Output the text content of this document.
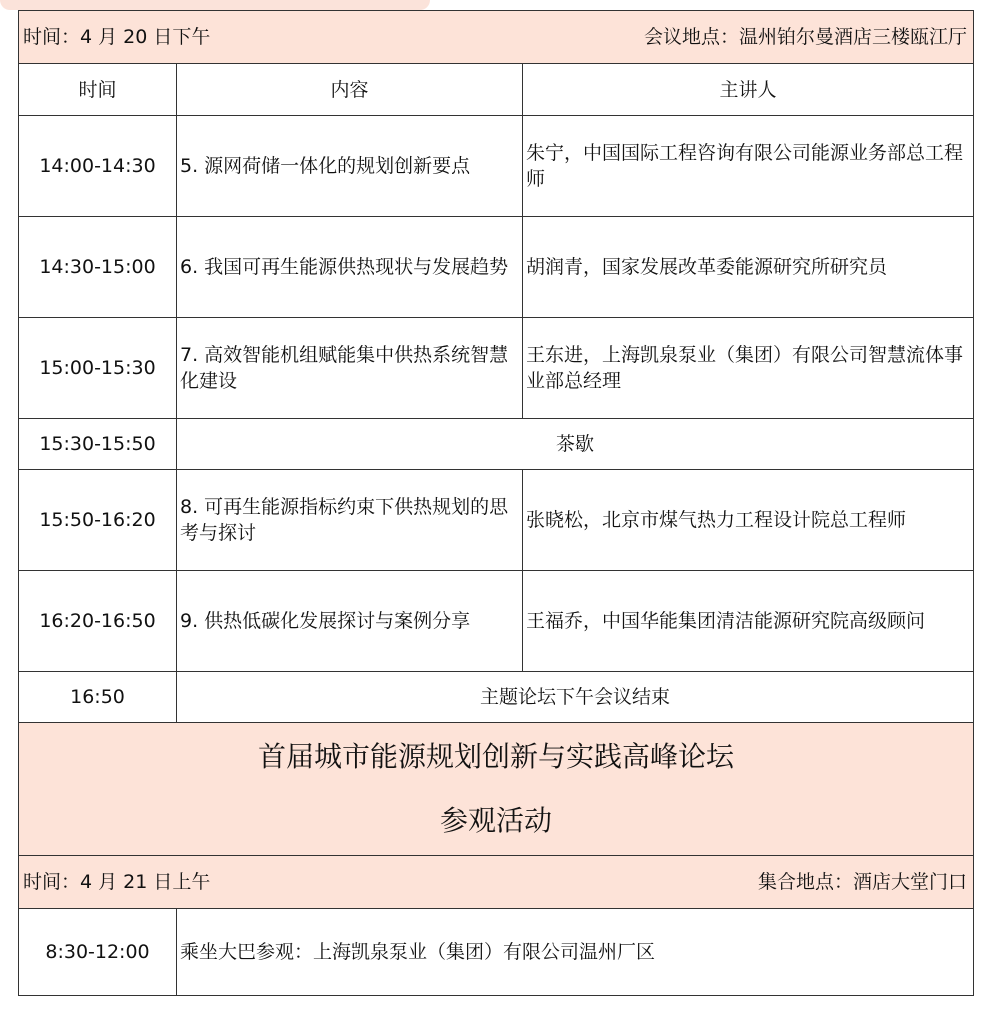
时间：4 月 20 日下午 会议地点：温州铂尔曼酒店三楼瓯江厅		

时间	内容	主讲人
14:00-14:30	5. 源网荷储一体化的规划创新要点	朱宁，中国国际工程咨询有限公司能源业务部总工程师
14:30-15:00	6. 我国可再生能源供热现状与发展趋势	胡润青，国家发展改革委能源研究所研究员
15:00-15:30	7. 高效智能机组赋能集中供热系统智慧化建设	王东进，上海凯泉泵业（集团）有限公司智慧流体事业部总经理
15:30-15:50	茶歇	
15:50-16:20	8. 可再生能源指标约束下供热规划的思考与探讨	张晓松，北京市煤气热力工程设计院总工程师
16:20-16:50	9. 供热低碳化发展探讨与案例分享	王福乔，中国华能集团清洁能源研究院高级顾问
16:50	主题论坛下午会议结束	

首届城市能源规划创新与实践高峰论坛
参观活动		

时间：4 月 21 日上午 集合地点：酒店大堂门口		

8:30-12:00	乘坐大巴参观：上海凯泉泵业（集团）有限公司温州厂区	
